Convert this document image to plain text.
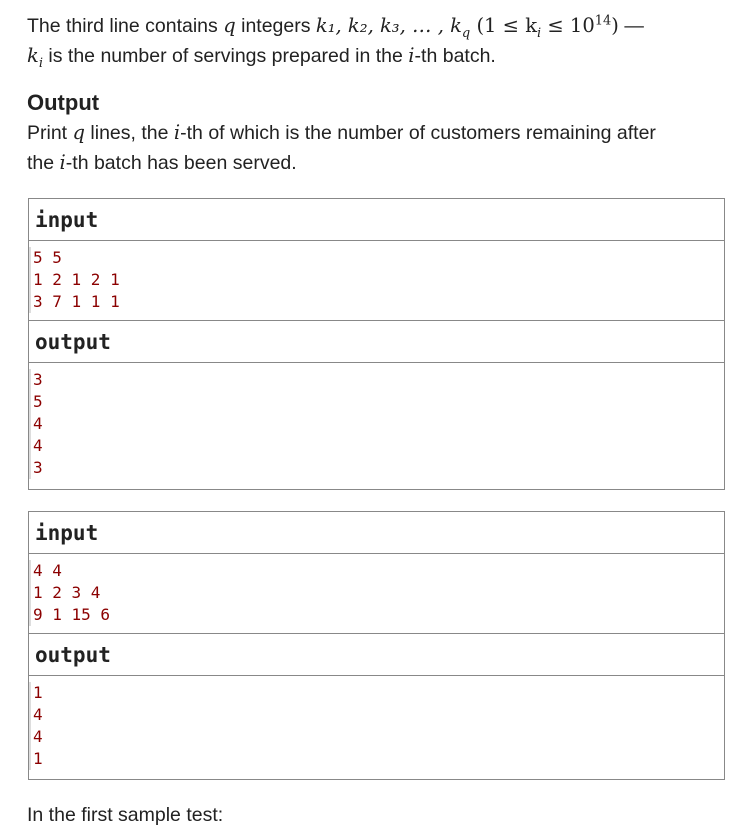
The third line contains q integers k₁, k₂, k₃, … , $k_q$ $(1 \le k_i \le 10^{14})$ —
$k_i$ is the number of servings prepared in the i-th batch.
Output
Print q lines, the i-th of which is the number of customers remaining after
the i-th batch has been served.
input
5 5
1 2 1 2 1
3 7 1 1 1
output
3
5
4
4
3
input
4 4
1 2 3 4
9 1 15 6
output
1
4
4
1
In the first sample test:
